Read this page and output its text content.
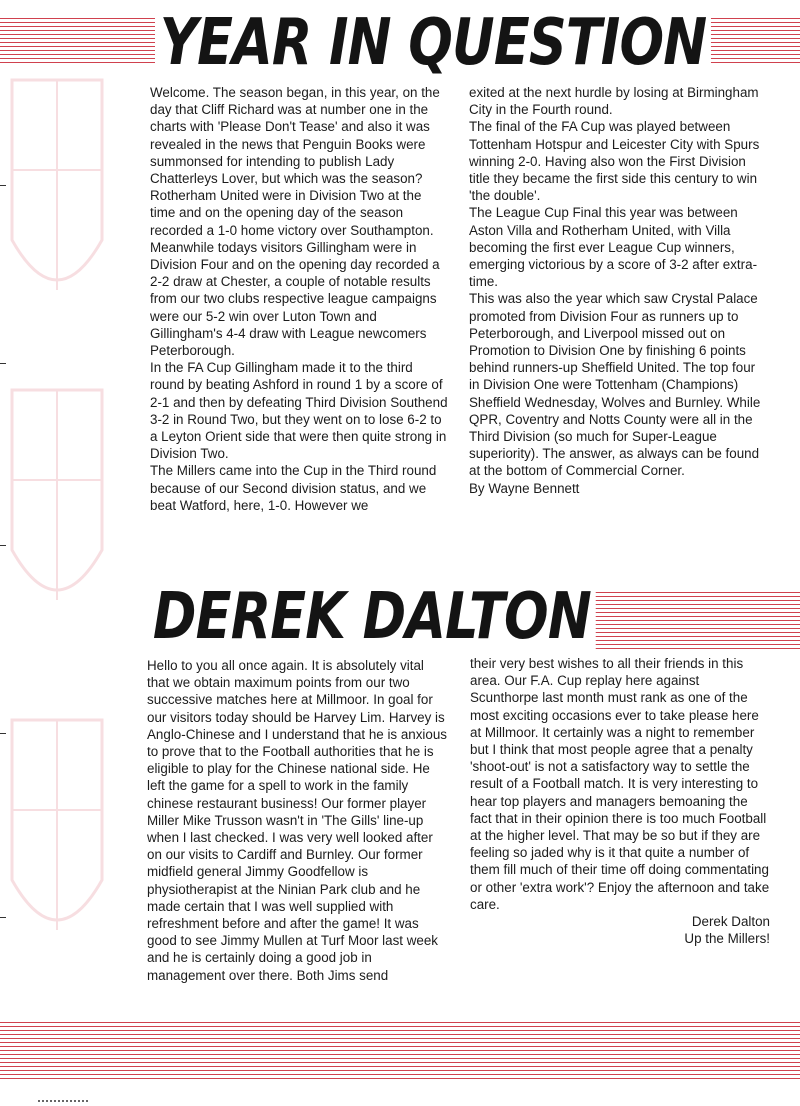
YEAR IN QUESTION

Welcome. The season began, in this year, on the day that Cliff Richard was at number one in the charts with 'Please Don't Tease' and also it was revealed in the news that Penguin Books were summonsed for intending to publish Lady Chatterleys Lover, but which was the season?

Rotherham United were in Division Two at the time and on the opening day of the season recorded a 1-0 home victory over Southampton. Meanwhile todays visitors Gillingham were in Division Four and on the opening day recorded a 2-2 draw at Chester, a couple of notable results from our two clubs respective league campaigns were our 5-2 win over Luton Town and Gillingham's 4-4 draw with League newcomers Peterborough.

In the FA Cup Gillingham made it to the third round by beating Ashford in round 1 by a score of 2-1 and then by defeating Third Division Southend 3-2 in Round Two, but they went on to lose 6-2 to a Leyton Orient side that were then quite strong in Division Two.

The Millers came into the Cup in the Third round because of our Second division status, and we beat Watford, here, 1-0. However we

exited at the next hurdle by losing at Birmingham City in the Fourth round.

The final of the FA Cup was played between Tottenham Hotspur and Leicester City with Spurs winning 2-0. Having also won the First Division title they became the first side this century to win 'the double'.

The League Cup Final this year was between Aston Villa and Rotherham United, with Villa becoming the first ever League Cup winners, emerging victorious by a score of 3-2 after extra-time.

This was also the year which saw Crystal Palace promoted from Division Four as runners up to Peterborough, and Liverpool missed out on Promotion to Division One by finishing 6 points behind runners-up Sheffield United. The top four in Division One were Tottenham (Champions) Sheffield Wednesday, Wolves and Burnley. While QPR, Coventry and Notts County were all in the Third Division (so much for Super-League superiority). The answer, as always can be found at the bottom of Commercial Corner.

By Wayne Bennett

DEREK DALTON

Hello to you all once again. It is absolutely vital that we obtain maximum points from our two successive matches here at Millmoor. In goal for our visitors today should be Harvey Lim. Harvey is Anglo-Chinese and I understand that he is anxious to prove that to the Football authorities that he is eligible to play for the Chinese national side. He left the game for a spell to work in the family chinese restaurant business! Our former player Miller Mike Trusson wasn't in 'The Gills' line-up when I last checked. I was very well looked after on our visits to Cardiff and Burnley. Our former midfield general Jimmy Goodfellow is physiotherapist at the Ninian Park club and he made certain that I was well supplied with refreshment before and after the game! It was good to see Jimmy Mullen at Turf Moor last week and he is certainly doing a good job in management over there. Both Jims send

their very best wishes to all their friends in this area. Our F.A. Cup replay here against Scunthorpe last month must rank as one of the most exciting occasions ever to take please here at Millmoor. It certainly was a night to remember but I think that most people agree that a penalty 'shoot-out' is not a satisfactory way to settle the result of a Football match. It is very interesting to hear top players and managers bemoaning the fact that in their opinion there is too much Football at the higher level. That may be so but if they are feeling so jaded why is it that quite a number of them fill much of their time off doing commentating or other 'extra work'? Enjoy the afternoon and take care.

Derek Dalton

Up the Millers!
